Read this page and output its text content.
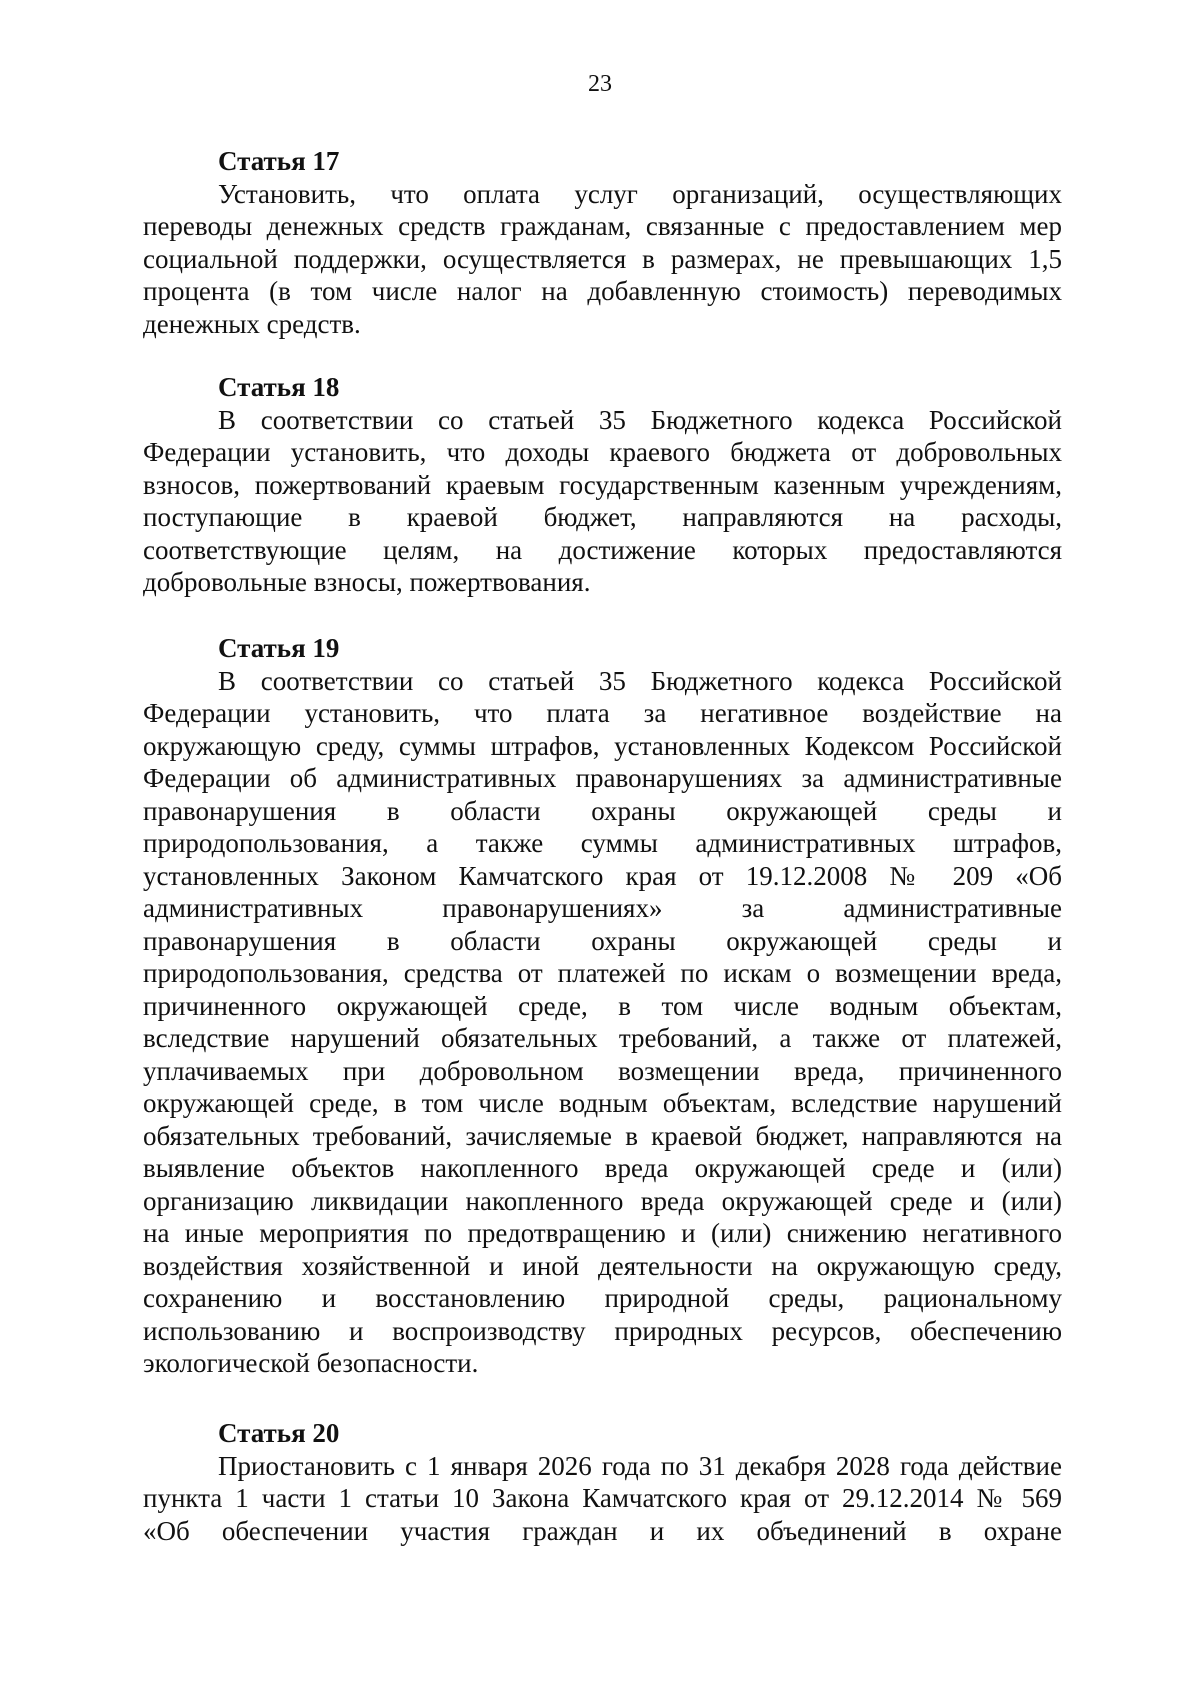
23
Статья 17
Установить, что оплата услуг организаций, осуществляющих
переводы денежных средств гражданам, связанные с предоставлением мер
социальной поддержки, осуществляется в размерах, не превышающих 1,5
процента (в том числе налог на добавленную стоимость) переводимых
денежных средств.
Статья 18
В соответствии со статьей 35 Бюджетного кодекса Российской
Федерации установить, что доходы краевого бюджета от добровольных
взносов, пожертвований краевым государственным казенным учреждениям,
поступающие в краевой бюджет, направляются на расходы,
соответствующие целям, на достижение которых предоставляются
добровольные взносы, пожертвования.
Статья 19
В соответствии со статьей 35 Бюджетного кодекса Российской
Федерации установить, что плата за негативное воздействие на
окружающую среду, суммы штрафов, установленных Кодексом Российской
Федерации об административных правонарушениях за административные
правонарушения в области охраны окружающей среды и
природопользования, а также суммы административных штрафов,
установленных Законом Камчатского края от 19.12.2008 № 209 «Об
административных правонарушениях» за административные
правонарушения в области охраны окружающей среды и
природопользования, средства от платежей по искам о возмещении вреда,
причиненного окружающей среде, в том числе водным объектам,
вследствие нарушений обязательных требований, а также от платежей,
уплачиваемых при добровольном возмещении вреда, причиненного
окружающей среде, в том числе водным объектам, вследствие нарушений
обязательных требований, зачисляемые в краевой бюджет, направляются на
выявление объектов накопленного вреда окружающей среде и (или)
организацию ликвидации накопленного вреда окружающей среде и (или)
на иные мероприятия по предотвращению и (или) снижению негативного
воздействия хозяйственной и иной деятельности на окружающую среду,
сохранению и восстановлению природной среды, рациональному
использованию и воспроизводству природных ресурсов, обеспечению
экологической безопасности.
Статья 20
Приостановить с 1 января 2026 года по 31 декабря 2028 года действие
пункта 1 части 1 статьи 10 Закона Камчатского края от 29.12.2014 № 569
«Об обеспечении участия граждан и их объединений в охране
